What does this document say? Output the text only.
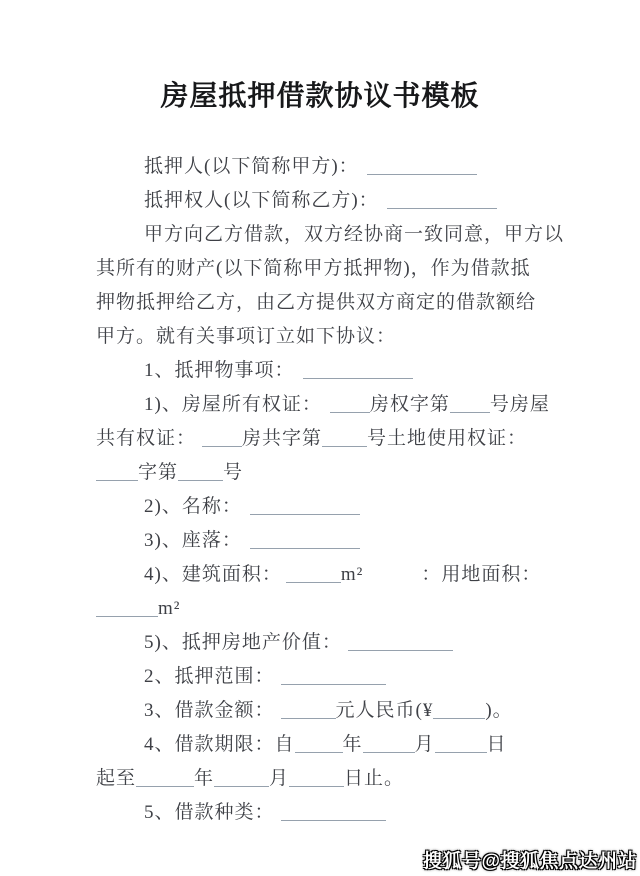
房屋抵押借款协议书模板
抵押人(以下简称甲方)：
抵押权人(以下简称乙方)：
甲方向乙方借款，双方经协商一致同意，甲方以
其所有的财产(以下简称甲方抵押物)，作为借款抵
押物抵押给乙方，由乙方提供双方商定的借款额给
甲方。就有关事项订立如下协议：
1、抵押物事项：
1)、房屋所有权证：	房权字第 号房屋
共有权证： 房共字第 号土地使用权证：
字第 号
2)、名称：
3)、座落：
4)、建筑面积：	m²	：用地面积：
m²
5)、抵押房地产价值：
2、抵押范围：
3、借款金额：	元人民币(¥	)。
4、借款期限：自	年	月	日
起至	年	月	日止。
5、借款种类：
搜狐号@搜狐焦点达州站
